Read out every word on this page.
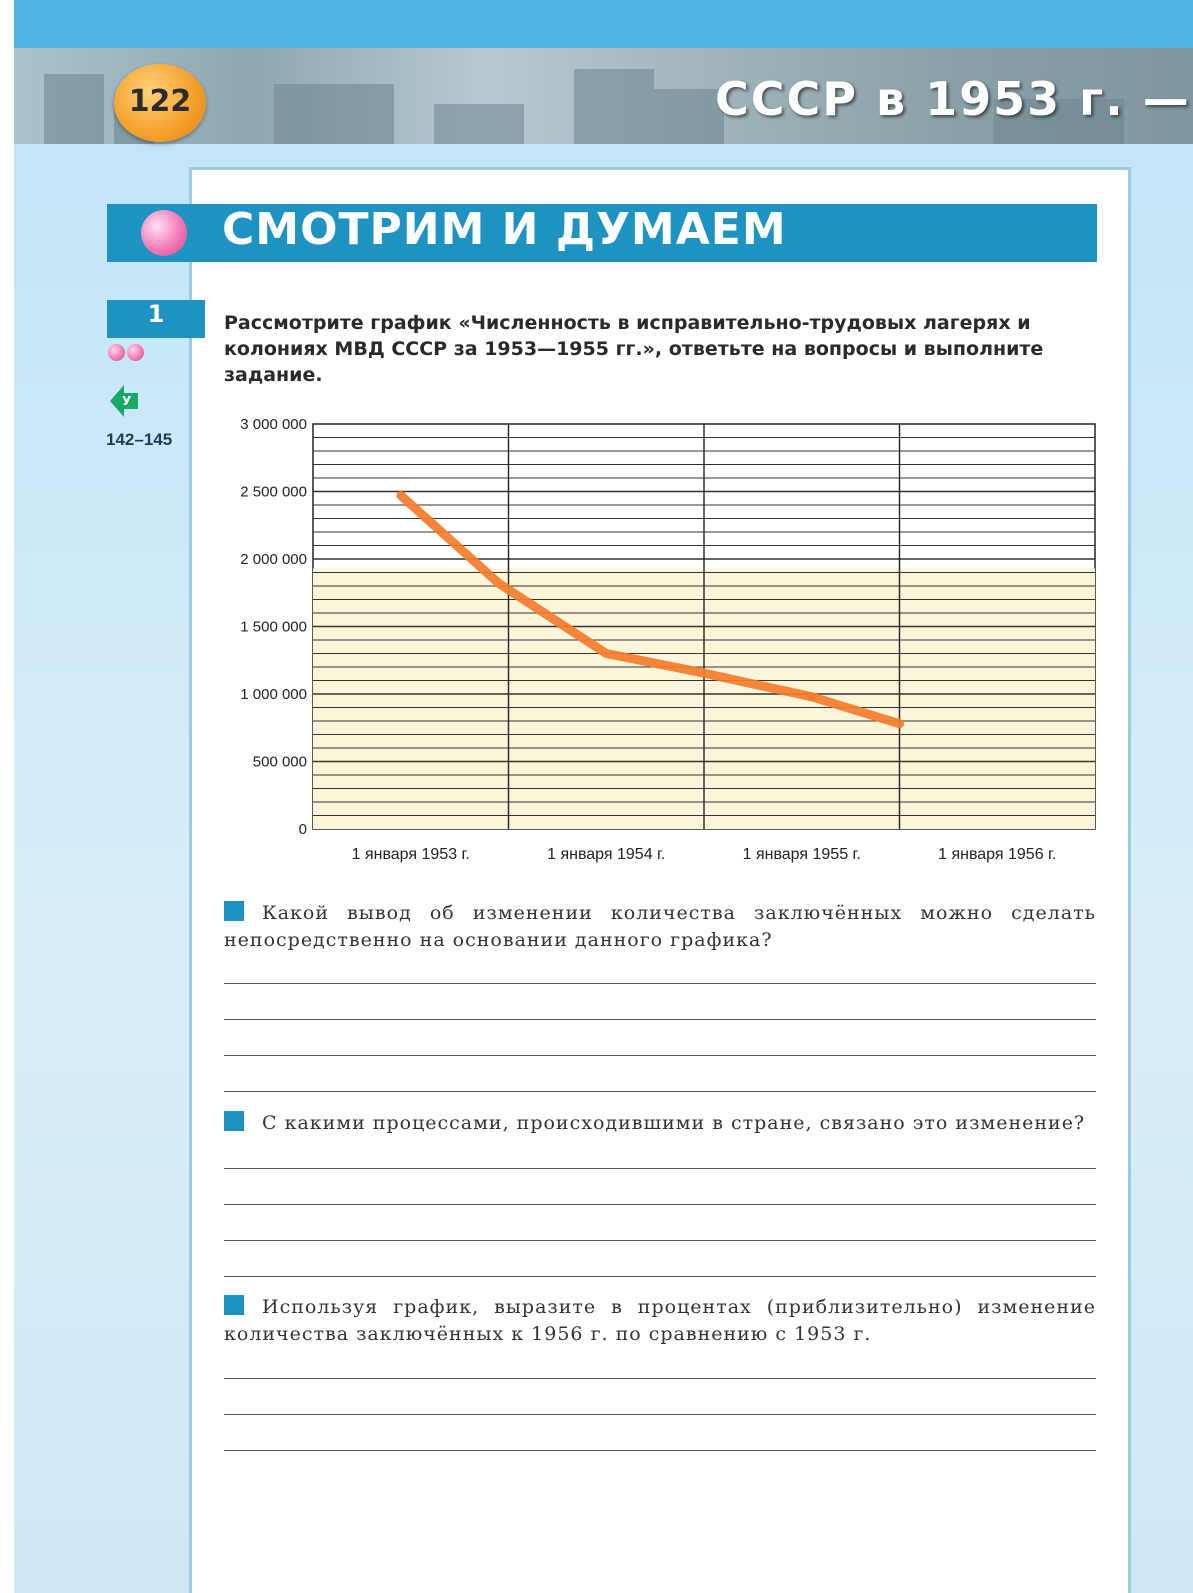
122	СССР в 1953 г. —
СМОТРИМ И ДУМАЕМ
1
У
142–145
Рассмотрите график «Численность в исправительно-трудовых лагерях и колониях МВД СССР за 1953—1955 гг.», ответьте на вопросы и выполните задание.
0
500 000
1 000 000
1 500 000
2 000 000
2 500 000
3 000 000
1 января 1953 г.	1 января 1954 г.	1 января 1955 г.	1 января 1956 г.
Какой вывод об изменении количества заключённых можно сделать непосредственно на основании данного графика?
С какими процессами, происходившими в стране, связано это изменение?
Используя график, выразите в процентах (приблизительно) изменение количества заключённых к 1956 г. по сравнению с 1953 г.
